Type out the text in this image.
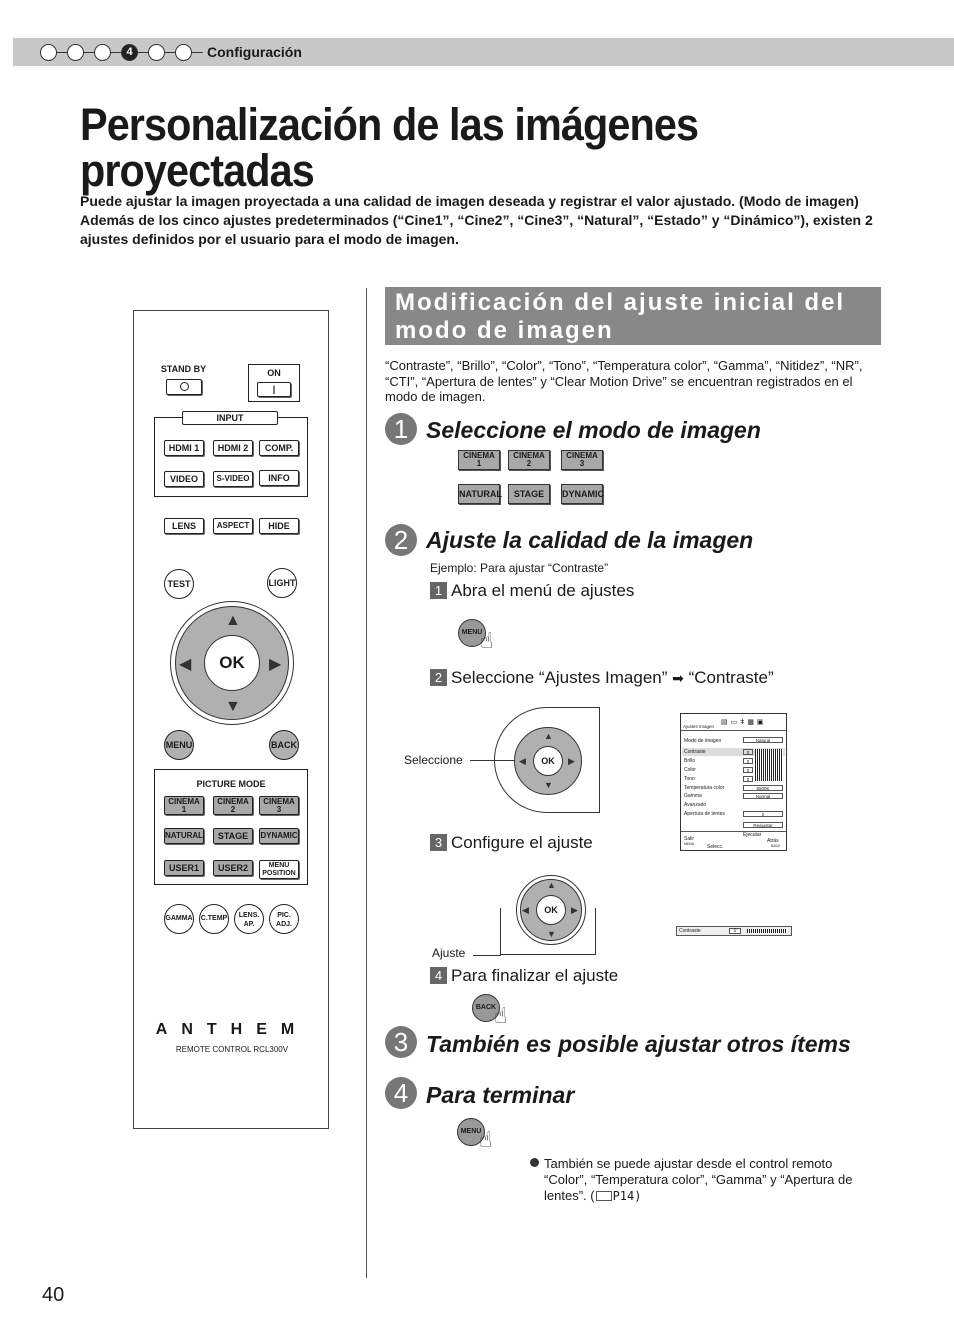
4	Configuración
Personalización de las imágenes proyectadas

Puede ajustar la imagen proyectada a una calidad de imagen deseada y registrar el valor ajustado. (Modo de imagen) Además de los cinco ajustes predeterminados (“Cine1”, “Cine2”, “Cine3”, “Natural”, “Estado” y “Dinámico”), existen 2 ajustes definidos por el usuario para el modo de imagen.

STAND BY	ON
|
INPUT
HDMI 1	HDMI 2	COMP.
VIDEO	S-VIDEO	INFO
LENS	ASPECT	HIDE
TEST	LIGHT
OK
▲
▼
◀	▶
MENU	BACK
PICTURE MODE
CINEMA
1
CINEMA
2
CINEMA
3
NATURAL	STAGE	DYNAMIC
USER1	USER2	MENU
POSITION
GAMMA C.TEMP	LENS.
AP.
PIC.
ADJ.
ANTHEM
REMOTE CONTROL RCL300V
Modificación del ajuste inicial del modo de imagen

“Contraste”, “Brillo”, “Color”, “Tono”, “Temperatura color”, “Gamma”, “Nitidez”, “NR”, “CTI”, “Apertura de lentes” y “Clear Motion Drive” se encuentran registrados en el modo de imagen.

1 Seleccione el modo de imagen
CINEMA
1
CINEMA
2
CINEMA
3
NATURAL	STAGE	DYNAMIC
2 Ajuste la calidad de la imagen
Ejemplo: Para ajustar “Contraste”
1 Abra el menú de ajustes
MENU
☝
2 Seleccione “Ajustes Imagen” ➡ “Contraste”
OK
▲
▼
◀	▶
Seleccione
Ajustes Imagen
▤▭ǂ▦▣
Modo de imagen	Natural
Contraste	0
Brillo	0
Color	0
Tono	0
Temperatura color	6500K
Gamma	Normal
Avanzado
Apertura de lentes	2
Reajustar
Salir
MENU	Selecc.
Ejecutar
Atrás
BACK
3 Configure el ajuste
OK
▲
▼
◀	▶
Ajuste
Contraste	0
4 Para finalizar el ajuste
BACK
☝
3 También es posible ajustar otros ítems
4 Para terminar
MENU
☝
También se puede ajustar desde el control remoto “Color”, “Temperatura color”, “Gamma” y “Apertura de lentes”. ( P14)
40
